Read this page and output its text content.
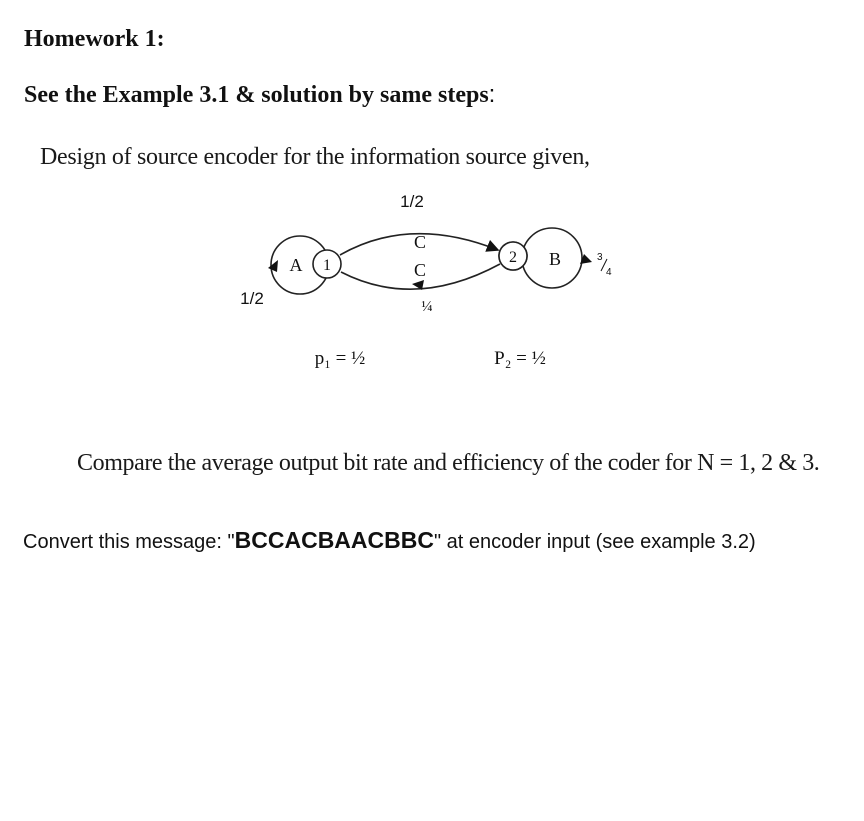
Homework 1:
See the Example 3.1 & solution by same steps:
Design of source encoder for the information source given,
1/2
A 1	2 B
C
C
¼
1/2
3
4
p₁ = ½	P₂ = ½
Compare the average output bit rate and efficiency of the coder for N = 1, 2 & 3.
Convert this message: "BCCACBAACBBC" at encoder input (see example 3.2)
